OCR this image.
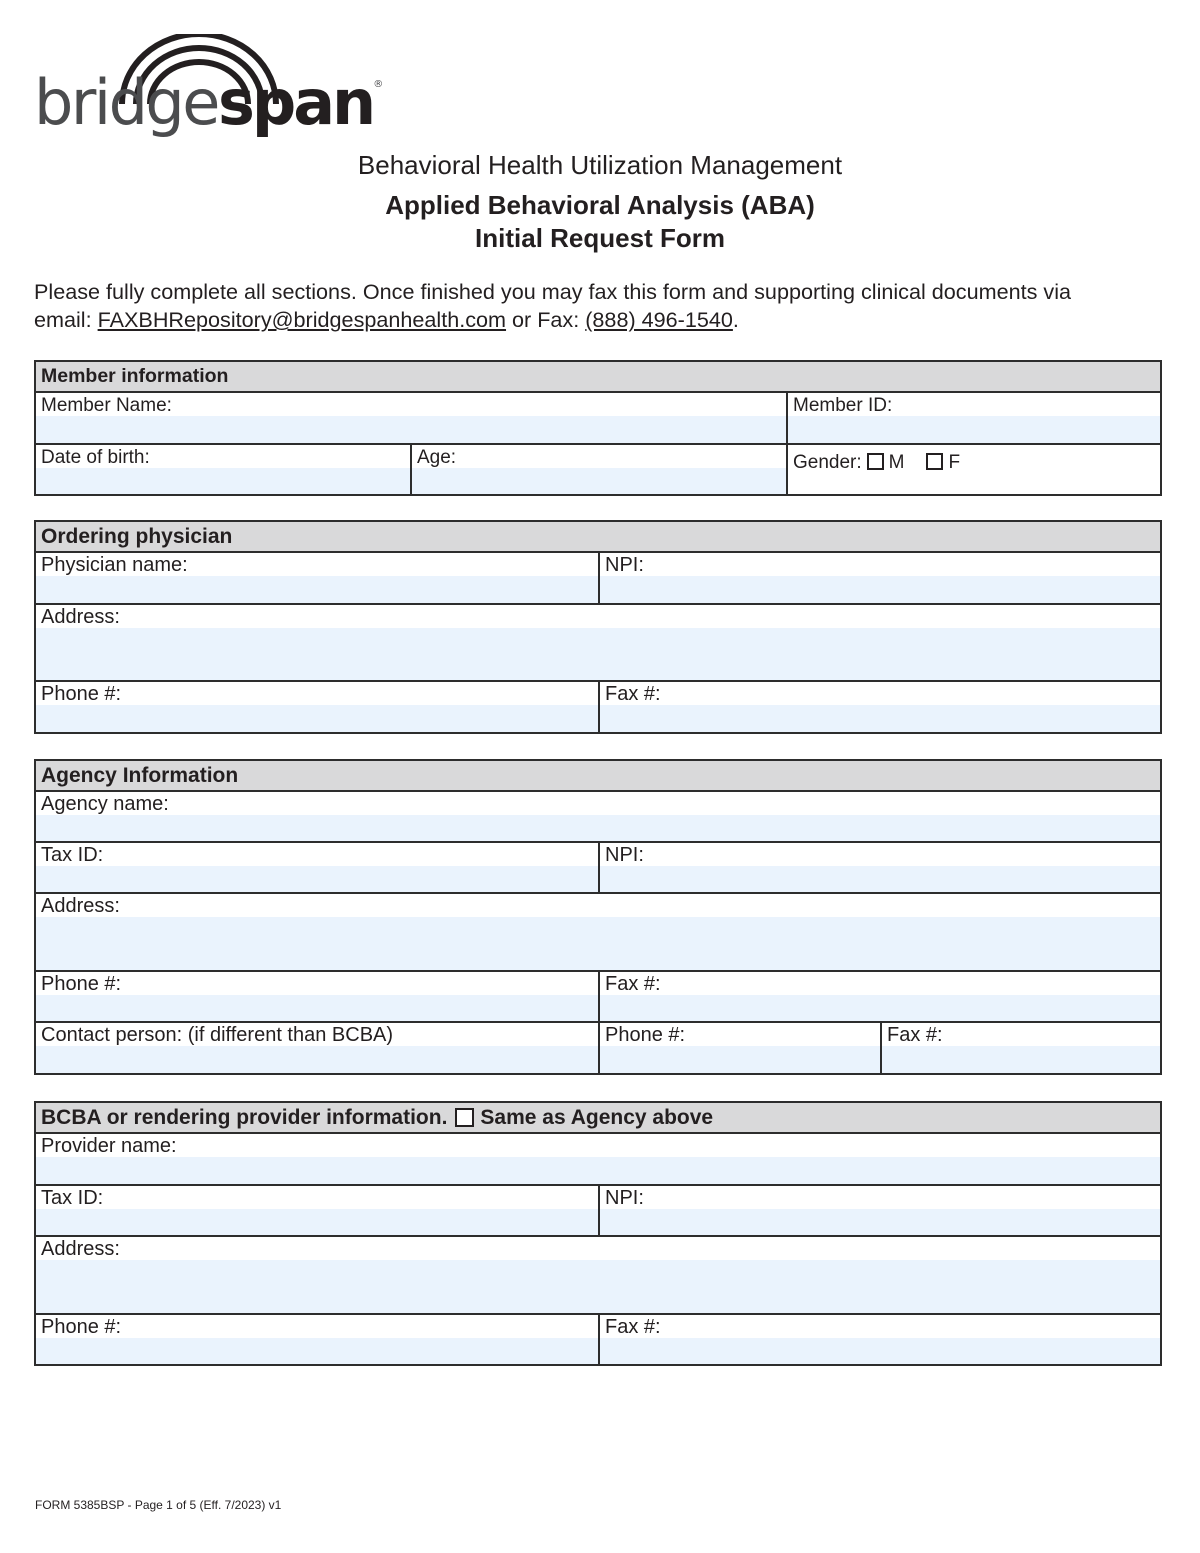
bridgespan®
Behavioral Health Utilization Management
Applied Behavioral Analysis (ABA)
Initial Request Form
Please fully complete all sections. Once finished you may fax this form and supporting clinical documents via
email: FAXBHRepository@bridgespanhealth.com or Fax: (888) 496-1540.
Member information
Member Name:	Member ID:
Date of birth:	Age:	Gender: M F
Ordering physician
Physician name:	NPI:
Address:
Phone #:	Fax #:
Agency Information
Agency name:
Tax ID:	NPI:
Address:
Phone #:	Fax #:
Contact person: (if different than BCBA)	Phone #:	Fax #:
BCBA or rendering provider information. Same as Agency above
Provider name:
Tax ID:	NPI:
Address:
Phone #:	Fax #:
FORM 5385BSP - Page 1 of 5 (Eff. 7/2023) v1
